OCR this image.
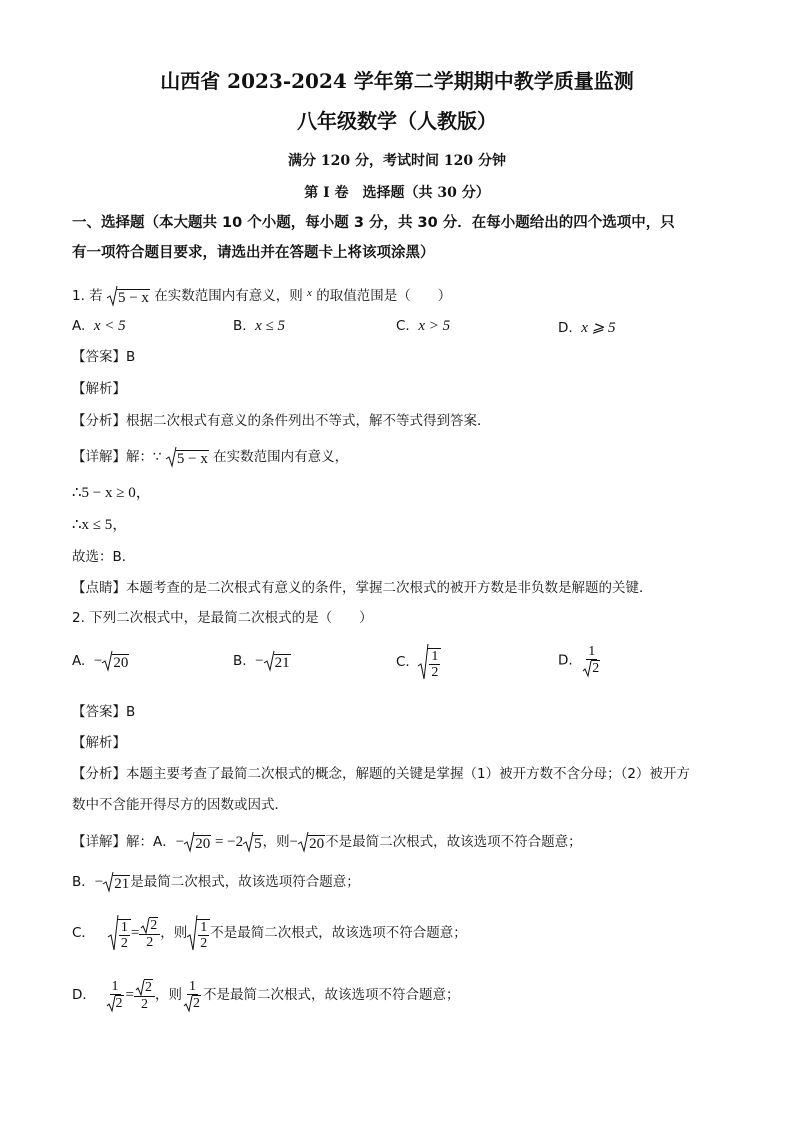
山西省 2023-2024 学年第二学期期中教学质量监测
八年级数学（人教版）
满分 120 分，考试时间 120 分钟
第 I 卷　选择题（共 30 分）
一、选择题（本大题共 10 个小题，每小题 3 分，共 30 分．在每小题给出的四个选项中，只
有一项符合题目要求，请选出并在答题卡上将该项涂黑）
1. 若 5 − x 在实数范围内有意义，则 $^x$ 的取值范围是（　　）
A. x < 5	B. x ≤ 5	C. x > 5	D. x ⩾ 5
【答案】B
【解析】
【分析】根据二次根式有意义的条件列出不等式，解不等式得到答案．
【详解】解：∵ 5 − x 在实数范围内有意义，
∴5 − x ≥ 0，
∴x ≤ 5，
故选：B．
【点睛】本题考查的是二次根式有意义的条件，掌握二次根式的被开方数是非负数是解题的关键．
2. 下列二次根式中，是最简二次根式的是（　　）
A. − 20	B. − 21	C. $\frac{1}{2}$	D. $\frac{1}{2}$
【答案】B
【解析】
【分析】本题主要考查了最简二次根式的概念，解题的关键是掌握（1）被开方数不含分母；（2）被开方
数中不含能开得尽方的因数或因式．
【详解】解：A．− 20 = −2 5 ，则− 20 不是最简二次根式，故该选项不符合题意；
B．− 21 是最简二次根式，故该选项符合题意；
C． $\frac{1}{2} = \frac{2}{2}$ ，则 $\frac{1}{2}$ 不是最简二次根式，故该选项不符合题意；
D． $\frac{1}{2} = \frac{2}{2}$ ，则 $\frac{1}{2}$ 不是最简二次根式，故该选项不符合题意；
